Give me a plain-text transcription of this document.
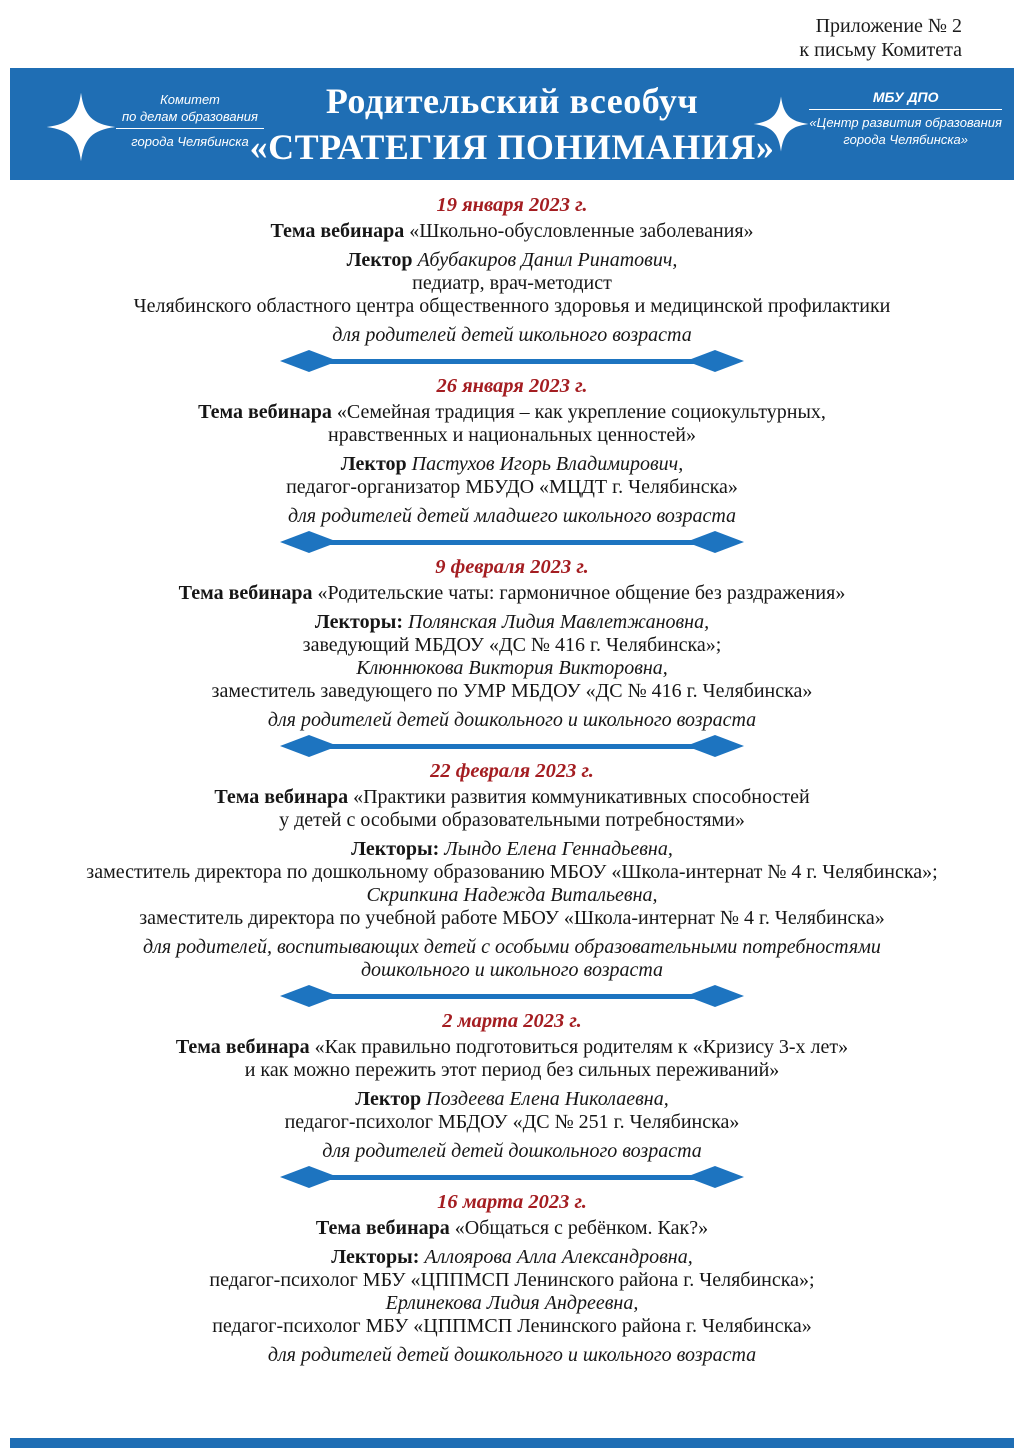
Приложение № 2
к письму Комитета
Комитет
по делам образования
города Челябинска
Родительский всеобуч
«СТРАТЕГИЯ ПОНИМАНИЯ»
МБУ ДПО
«Центр развития образования
города Челябинска»
19 января 2023 г.
Тема вебинара «Школьно-обусловленные заболевания»
Лектор Абубакиров Данил Ринатович,
педиатр, врач-методист
Челябинского областного центра общественного здоровья и медицинской профилактики
для родителей детей школьного возраста
26 января 2023 г.
Тема вебинара «Семейная традиция – как укрепление социокультурных,
нравственных и национальных ценностей»
Лектор Пастухов Игорь Владимирович,
педагог-организатор МБУДО «МЦДТ г. Челябинска»
для родителей детей младшего школьного возраста
9 февраля 2023 г.
Тема вебинара «Родительские чаты: гармоничное общение без раздражения»
Лекторы: Полянская Лидия Мавлетжановна,
заведующий МБДОУ «ДС № 416 г. Челябинска»;
Клюннюкова Виктория Викторовна,
заместитель заведующего по УМР МБДОУ «ДС № 416 г. Челябинска»
для родителей детей дошкольного и школьного возраста
22 февраля 2023 г.
Тема вебинара «Практики развития коммуникативных способностей
у детей с особыми образовательными потребностями»
Лекторы: Лындо Елена Геннадьевна,
заместитель директора по дошкольному образованию МБОУ «Школа-интернат № 4 г. Челябинска»;
Скрипкина Надежда Витальевна,
заместитель директора по учебной работе МБОУ «Школа-интернат № 4 г. Челябинска»
для родителей, воспитывающих детей с особыми образовательными потребностями
дошкольного и школьного возраста
2 марта 2023 г.
Тема вебинара «Как правильно подготовиться родителям к «Кризису 3-х лет»
и как можно пережить этот период без сильных переживаний»
Лектор Поздеева Елена Николаевна,
педагог-психолог МБДОУ «ДС № 251 г. Челябинска»
для родителей детей дошкольного возраста
16 марта 2023 г.
Тема вебинара «Общаться с ребёнком. Как?»
Лекторы: Аллоярова Алла Александровна,
педагог-психолог МБУ «ЦППМСП Ленинского района г. Челябинска»;
Ерлинекова Лидия Андреевна,
педагог-психолог МБУ «ЦППМСП Ленинского района г. Челябинска»
для родителей детей дошкольного и школьного возраста
